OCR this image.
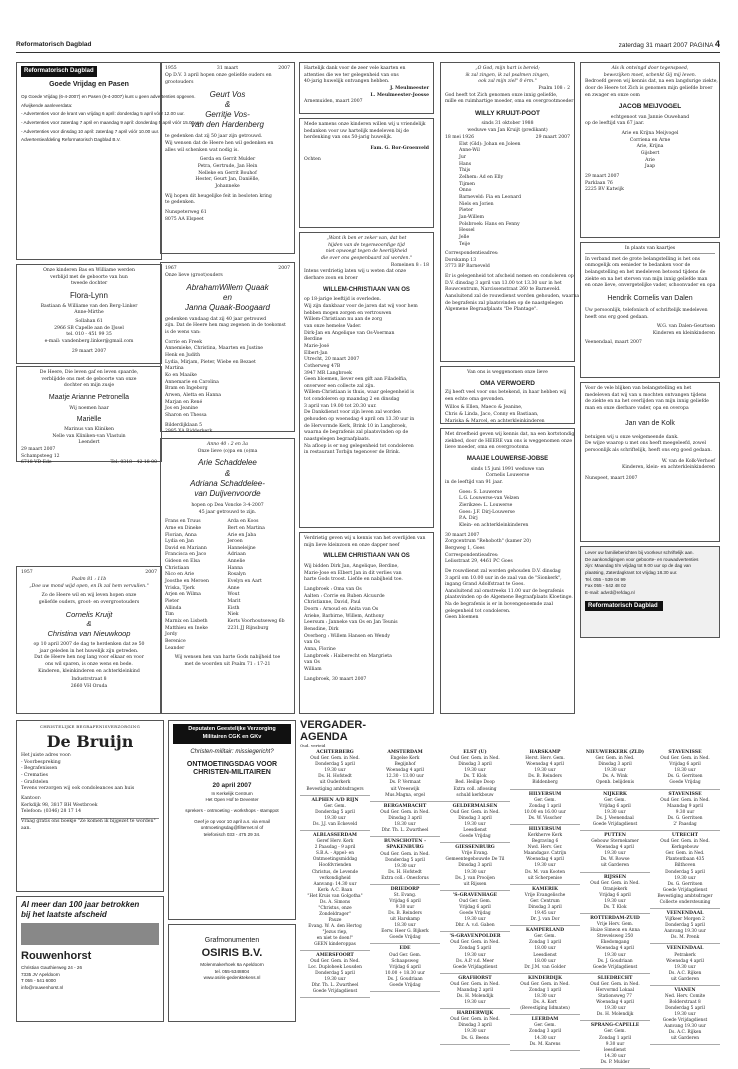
Reformatorisch Dagblad	zaterdag 31 maart 2007 PAGINA 4
Reformatorisch Dagblad
Goede Vrijdag en Pasen
Op Goede Vrijdag (6-4-2007) en Pasen (8-4-2007) kunt u geen advertenties opgeven.
Afwijkende aanleverdata:
- Advertenties voor de krant van vrijdag 6 april: donderdag 5 april vóór 12.00 uur.
- Advertenties voor zaterdag 7 april en maandag 9 april: donderdag 5 april vóór 15.00 uur.
- Advertenties voor dinsdag 10 april: zaterdag 7 april vóór 10.00 uur.
Advertentieafdeling Reformatorisch Dagblad B.V.
Onze kinderen Bas en Williame werden
verblijd met de geboorte van hun
tweede dochter
Flora-Lynn
Bastiaan & Williame van den Berg-Linker
Anne-Mirthe
Sollahan 61
2966 SB Capelle aan de IJssel
tel. 010 - 451 99 35
e-mail: vandenberg.linker@gmail.com
29 maart 2007
De Heere, Die leven gaf en leven spaarde,
verblijdde ons met de geboorte van onze
dochter en mijn zusje
Maatje Arianne Petronella
Wij noemen haar
Mariëlle
Marinus van Kliniken
Nelle van Kliniken-van Vlastuin
Leendert
29 maart 2007
Schampsteeg 12
6718 VD Ede	Tel: 0318 - 42 18 00
1957	2007
Psalm 81 : 11b
„Doe uw mond wijd open, en Ik zal hem vervullen."
Zo de Heere wil en wij leven hopen onze
geliefde ouders, groot- en overgrootouders
Cornelis Kruijt
&
Christina van Nieuwkoop
op 10 april 2007 de dag te herdenken dat ze 50
jaar geleden in het huwelijk zijn getreden.
Dat de Heere hen nog lang voor elkaar en voor
ons wil sparen, is onze wens en bede.
Kinderen, kleinkinderen en achterkleinkind
Industrstraat 8
2660 VH Oruda
1955	31 maart	2007
Op D.V. 3 april hopen onze geliefde ouders en
grootouders
Geurt Vos
&
Gerritje Vos-
van den Hardenberg
te gedenken dat zij 50 jaar zijn getrouwd.
Wij wensen dat de Heere hen wil gedenken en
alles wil schenken wat nodig is.
Gerda en Gerrit Mulder
Petra, Gertrude, Jan Hein
Nelleke en Gerrit Bouhof
Hester, Geurt Jan, Daniëlle,
Johanneke
Wij hopen dit heugelijke feit in besloten kring
te gedenken.
Nunspeterweg 61
8075 AA Elspeet
1967	2007
Onze lieve (groot)ouders
AbrahamWillem Quaak
en
Janna Quaak-Boogaard
gedenken vandaag dat zij 40 jaar getrouwd
zijn. Dat de Heere hen mag zegenen in de toekomst
is de wens van:
Corrie en Freek
Annemieke, Christina, Maarten en Justine
Henk en Judith
Lydia, Mirjam, Pieter, Wiebe en Bezaet
Martina
Ko en Maaike
Annemarie en Carolina
Bram en Ingeborg
Arwen, Aletta en Hanna
Marjan en René
Jos en Jeanine
Sharon en Thessa
Bilderdijklaan 5
2985 XA Ridderkerk
Anno 40 : 2 en 3a
Onze lieve (o)pa en (o)ma
Arie Schaddelee
&
Adriana Schaddelee-
van Duijvenvoorde
hopen op Dea Voncke 3-4-2007
45 jaar getrouwd te zijn.
Frans en Truus
Arne en Dineke
Florian, Anna
Lydia en Jan
David en Mariann
Francisca en Jaco
Gideon en Elsa
Christiaan
Nico en Arie
Joosthe en Meroen
Yriska, Tjerk
Arjen en Wilma
Pieter
Allinda
Tim
Marnix en Lisbeth
Matthieu en Ineke
Jordy
Berenice
Leander
Arda en Koos
Bert en Martina
Arie en Jaba
Jeroen
Hanneleijne
Adriaan
Annelie
Hanna
Rosalyn
Evelyn en Aart
Anne
Wout
Marit
Eisth
Niek
Kerts Voorhoutseweg 6b
2231.JJ Rijnsburg
Wij wensen hen van harte Gods nabijheid toe
met de woorden uit Psalm 71 : 17-21
Hartelijk dank voor de zeer vele kaarten en
attenties die we ter gelegenheid van ons
40-jarig huwelijk ontvangen hebben.
J. Meulmeester
L. Meulmeester-Joosse
Arnemuiden, maart 2007
Mede namens onze kinderen willen wij u vriendelijk
bedanken voor uw hartelijk medeleven bij de
herdenking van ons 50-jarig huwelijk.
Fam. G. Bor-Groenveld
Ochten
„Want ik ben er zeker van, dat het
hijden van de tegenwoordige tijd
niet opwoegt tegen de heerlijkheid
die over ons geopenbaard zal worden."
Romeinen 8 : 18
Intens verdrietig laten wij u weten dat onze
dierbare zoon en broer
WILLEM-CHRISTIAAN VAN OS
op 18-jarige leeftijd is overleden.
Wij zijn dankbaar voor de jaren dat wij voor hem
hebben mogen zorgen en vertrouwen
Willem-Christiaan nu aan de zorg
van onze hemelse Vader.
Dirk-Jan en Angelique van Os-Voerman
Berdine
Marie-José
Elbert-Jan
Utrecht, 20 maart 2007
Cotherweg 47B
3947 MR Langbroek
Geen bloemen, liever een gift aan Filadelfia,
onverwer een collecte zal zijn.
Willem-Christiaan is thuis, waar gelegenheid is
tot condoleren op maandag 2 en dinsdag
3 april van 19.00 tot 20.30 uur.
De Dankdienst voor zijn leven zal worden
gehouden op woensdag 4 april om 13.30 uur in
de Hervormde Kerk, Brink 10 in Langbroek,
waarna de begrafenis zal plaatsvinden op de
naastgelegen begraafplaats.
Na afloop is er nog gelegenheid tot condoleren
in restaurant Torbijn tegenover de Brink.
Verdrietig geven wij u kennis van het overlijden van
mijn lieve kleinzoon en onze dapper neef
WILLEM CHRISTIAAN VAN OS
Wij bidden Dirk Jan, Angelique, Berdine,
Marie-Jose en Elbert Jan in dit verlies van
harte Gods troost. Liefde en nabijheid toe.
Langbroek : Oma van Os
Aalten : Corrie en Ruben Alcuurde
Christianne, David, Paul
Doorn : Arnoud en Anita van Os
Arieke, Barbirne, Willem, Anthony
Leersum : Janneke van Os en Jan Teunis
Bensdine, Dirk
Overberg : Willem Hansen en Wendy
van Os
Anna, Florine
Langbroek : Haiberecht en Margrieta
van Os
William
Langbroek, 30 maart 2007
„O God, mijn hart is bereid;
ik zal zingen, ik zal psalmen zingen,
ook zal mijn ziel" 0 érm."
Psalm 108 : 2
God heeft tot Zich genomen onze innig geliefde,
mille en ruimhartige moeder, oma en overgrootmoeder
WILLY KRUIJT-POOT
sinds 31 oktober 1988
weduwe van Jan Kruijt (predikant)
18 mei 1926	29 maart 2007
Elst (Gld): Johan en Joleen
Anne-Wil
Jur
Hans
Thijs
Zelhem: Ad en Elly
Tijmen
Onno
Barneveld: Fia en Leonard
Niels en Jorien
Pieter
Jan-Willem
Polsbroek: Hans en Fenny
Hessel
Jelle
Teije
Correspondentieadres:
Dorskamp 13
3773 BP Barneveld
Er is gelegenheid tot afscheid nemen en condoleren op
D.V. dinsdag 3 april van 13.00 tot 13.30 uur in het
Rouwcentrum, Narcissenstraat 260 te Barneveld.
Aansluitend zal de rouwdienst worden gehouden, waarna
de begrafenis zal plaatsvinden op de naastgelegen
Algemene Begraafplaats "De Plantage".
Van ons is weggenomen onze lieve
OMA VERWOERD
Zij heeft veel voor ons betekend, in haar hebben wij
een echte oma gevonden.
Willos & Ellen, Maeco & Jeanine,
Chris & Linda, Jaco, Conny en Bastiaan,
Mariska & Marcel, en achterkleinkinderen
Met droefheid geven wij kennis dat, na een kortstondig
ziekbed, door de HEERE van ons is weggenomen onze
lieve moeder, oma en overgrootoma
MAAIJE LOUWERSE-JOBSE
sinds 15 juni 1991 weduwe van
Cornelis Louwerse
in de leeftijd van 91 jaar.
Goes: S. Louwerse
L.G. Louwerse-van Velzen
Zierikzee: L. Louwerse
Goes: J.F. Dirj-Louwerse
P.A. Dirj
Klein- en achterkleinkinderen
30 maart 2007
Zorgcentrum "Rehoboth" (kamer 20)
Bergweg 1, Goes
Correspondentieadres:
Lelisstraat 29, 4461 PC Goes
De rouwdienst zal worden gehouden D.V. dinsdag
3 april om 10.00 uur in de zaal van de "Sionkerk",
ingang Grand Adolfstraat te Goes.
Aansluitend zal omstreeks 11.00 uur de begrafenis
plaatsvinden op de Algemene Begraafplaats Kloetinge.
Na de begrafenis is er in bovengenoemde zaal
gelegenheid tot condoleren.
Geen bloemen
Als ik ontvingd door tegenspoed,
bewezijken moet, schenkt Gij mij leven.
Bedroefd geven wij kennis dat, na een langdurige ziekte,
door de Heere tot Zich is genomen mijn geliefde broer
en zwager en onze oom
JACOB MEIJVOGEL
echtgenoot van Jannie Ouwehand
op de leeftijd van 67 jaar.
Arie en Krijna Meijvogel
Corriena en Arne
Arie, Krijna
Gijsbert
Arie
Jaap
29 maart 2007
Parklaan 76
2225 BV Katwijk
In plaats van kaartjes
In verband met de grote belangstelling is het ons
onmogelijk om eenieder te bedanken voor de
belangstelling en het medeleven betoond tijdens de
ziekte en na het sterven van mijn innig geliefde man
en onze lieve, onvergetelijke vader, schoonvader en opa
Hendrik Cornelis van Dalen
Uw persoonlijk, telefonisch of schriftelijk medeleven
heeft ons erg goed gedaan.
W.G. van Dalen-Geurtsen
Kinderen en kleinkinderen
Veenendaal, maart 2007
Voor de vele blijken van belangstelling en het
medeleven dat wij van u mochten ontvangen tijdens
de ziekte en na het overlijden van mijn innig geliefde
man en onze dierbare vader, opa en overopa
Jan van de Kolk
betuigen wij u onze welgemeende dank.
De wijze waarop u met ons heeft meegeleefd, zowel
persoonlijk als schriftelijk, heeft ons erg goed gedaan.
W. van de Kolk-Verhoef
Kinderen, klein- en achterkleinkinderen
Nunspeet, maart 2007
Lever uw familieberichten bij voorkeur schriftelijk aan.
De aankondigingen voor geboorte- en rouwadvertenties
zijn: Maandag t/m vrijdag tot 9.00 uur op de dag van
plaatsing, Zaterdagkrant tot vrijdag 18.30 uur.
Tel. 055 - 539 04 99
Fax 055 - 542 48 02
E-mail: advrd@refdag.nl
Reformatorisch Dagblad
CHRISTELIJKE BEGRAFENISVERZORGING
De Bruijn
Het juiste adres voor:
- Voorbespreking
- Begrafenissen
- Crematies
- Grafstelen
Tevens verzorgen wij ook condoleances aan huis
Kantoor:
Kerkdijk 98, 3817 BH Westbroek
Telefoon: (0346) 28 17 14
Vraag gratis ons boekje "Ze komen ik bijgezet te worden" aan.
Al meer dan 100 jaar betrokken
bij het laatste afscheid
Rouwenhorst
Christian Gauthierweg 24 - 26
7335 JV Apeldoorn
T 055 - 541 6000
info@rouwenhorst.nl
Deputaten Geestelijke Verzorging
Militairen CGK en GKv
Christen-militair: missiegericht?
ONTMOETINGSDAG VOOR
CHRISTEN-MILITAIREN
20 april 2007
In Kerkelijk Centrum
Het Open Hof te Deventer
sprekers - ontmoeting - workshops - stamppot
Geef je op voor 10 april a.s. via email
ontmoetingsdag@filternet.nl of
telefonisch 033 - 475 29 34.
Grafmonumenten
OSIRIS B.V.
Molenmakerhoek 6a Apeldoorn
tel. 055-5348804
www.osiris-gedenktekens.nl
VERGADER-
AGENDA
Oud. verteid
ACHTERBERG
Oud Ger. Gem. in Ned.
Donderdag 5 april
19.30 uur
Ds. H. Hofstedt
uit Ouderkerk
Bevestiging ambtsdragers
ALPHEN A/D RIJN
Ger. Gem.
Donderdag 5 april
19.30 uur
Ds. J.J. van Eckeveld
ALBLASSERDAM
Geref Herv. Kerk
2 Paasdag - 9 april
S.B.A. - Appel- en
Ontmoetingsmiddag
Hoofdvrienden
Christus, de Levende
verkondigheid
Aanvang: 14.30 uur
Kerk: A.C. Baan
"Het Kruis van Golgotha"
Ds. A. Simons
"Christus, onze
Zondeldrager"
Pauze
Evang. W. A. den Hertog
"Jezus riep,
en niet te doen!"
GEEN kinderoppas
AMERSFOORT
Oud Ger. Gem. in Ned.
Loc. Duploheek Leusden
Donderdag 5 april
19.30 uur
Dhr. Th. L. Zwartheel
Goede Vrijdagdienst
AMSTERDAM
Engelse Kerk
Begijnhof
Woensdag 4 april
12.30 - 13.00 uur
Ds. P. Vermaat
uit Vreeswijk
Mus.Magna, orgel
BERGAMBACHT
Oud Ger. Gem. in Ned.
Dinsdag 3 april
18.30 uur
Dhr. Th. L. Zwartheel
BUNSCHOTEN - SPAKENBURG
Oud Ger. Gem. in Ned.
Donderdag 5 april
19.30 uur
Ds. H. Hofstedt
Extra coll.: Onesforus
DRIEDORP
St. Evang.
Vrijdag 6 april
9.30 uur
Ds. B. Reinders
uit Harskamp
18.30 uur
Eerw. Heer G. Bijkerk
Goede Vrijdag
EDE
Oud Ger. Gem.
Schaapsweg
Vrijdag 6 april
10.00 + 18.30 uur
Ds. J. Goudriaan
Goede Vrijdag
ELST (U)
Oud Ger. Gem. in Ned.
Dinsdag 3 april
19.30 uur
Ds. T. Klok
Bed. Heilige Doop
Extra coll. aflossing
schuld kerkbouw
GELDERMALSEN
Oud Ger. Gem. in Ned.
Dinsdag 3 april
19.30 uur
Leesdienst
Goede Vrijdag
GIESSENBURG
Vrije Evang.
Gemeentegebouwde De Til
Dinsdag 3 april
19.30 uur
Ds. J. van Prooijen
uit Rijssen
'S-GRAVENHAGE
Oud Ger. Gem.
Vrijdag 6 april
Goede Vrijdag
19.30 uur
Dhr. A. v.d. Gaben
'S-GRAVENPOLDER
Oud Ger. Gem. in Ned.
Zondag 5 april
19.30 uur
Ds. A.P. v.d. Meer
Goede Vrijdagdienst
GRAFHORST
Oud Ger. Gem. in Ned.
Maandag 2 april
Ds. H. Molendijk
19.30 uur
HARDERWIJK
Oud Ger. Gem. in Ned.
Dinsdag 3 april
19.30 uur
Ds. G. Beens
HARSKAMP
Herst. Herv. Gem.
Woensdag 4 april
19.30 uur
Ds. B. Reinders
Biddenberg
HILVERSUM
Ger. Gem.
Zondag 1 april
10.00 en 16.00 uur
Ds. W. Visscher
HILVERSUM
Kerkherve Kerk
Begraving 6
Nwd. Herv. Ger.
Maandagav. Catrijn
Woensdag 4 april
19.30 uur
Ds. M. van Kooten
uit Scherpenise
KAMERIK
Vrije Evangelische
Ger. Centrum
Dinsdag 3 april
19.45 uur
Dr. J. van Dor
KAMPERLAND
Ger. Gem.
Zondag 1 april
18.00 uur
Leesdienst
18.00 uur
Dr. J.M. van Golder
KINDERDIJK
Oud Ger. Gem. in Ned.
Zondag 1 april
18.30 uur
Ds. A. Kort
(Bevestiging lidmaten)
LEERDAM
Ger. Gem.
Zondag 3 april
14.30 uur
Ds. M. Karens
NIEUWERKERK (ZLD)
Ger. Gem. in Ned.
Dinsdag 3 april
19.30 uur
Ds. A. Wink
Openb. belijdenis
NIJKERK
Ger. Gem.
Vrijdag 6 april
19.30 uur
Ds. J. Veenendaal
Goede Vrijdagdienst
PUTTEN
Gebouw Sternekamer
Woensdag 4 april
19.30 uur
Ds. W. Rowse
uit Garderen
RIJSSEN
Oud Ger. Gem. in Ned.
Oranjekerk
Vrijdag 6 april
19.30 uur
Ds. T. Klok
ROTTERDAM-ZUID
Vrije Herv. Gem.
Huize Simeon en Anna
Strevelsweg 250
Ekedomgang
Woensdag 4 april
19.30 uur
Ds. J. Goudriaan
Goede Vrijdagdienst
SLIEDRECHT
Oud Ger. Gem. in Ned.
Hervormd Lokaal
Stationsweg 77
Woensdag 4 april
19.30 uur
Ds. H. Molendijk
SPRANG-CAPELLE
Ger. Gem.
Zondag 1 april
9.30 uur
leesdienst
14.30 uur
Ds. P. Mulder
STAVENISSE
Oud Ger. Gem. in Ned.
Vrijdag 6 april
18.30 uur
Ds. G. Gerritsen
Goede Vrijdag
STAVENISSE
Oud Ger. Gem. in Ned.
Maandag 9 april
9.30 uur
Ds. G. Gerritsen
2' Paasdag
UTRECHT
Oud Ger. Gem. in Ned.
Kerkgebouw
Ger. Gem. in Ned.
Plantentbaan 435
Bilthoven
Donderdag 5 april
19.30 uur
Ds. G. Gerritsen
Goede Vrijdagdienst
Bevestiging ambtsdrager
Collecte ondersteuning
VEENENDAAL
Vijfkeer Morgen 2
Donderdag 5 april
Aanvang 19.30 uur
Ds. M. Prenk
VEENENDAAL
Petrakerk
Woensdag 4 april
19.30 uur
Ds. A.C. Rijken
uit Garderen
VIANEN
Ned. Herv. Comite
Bolderstraat 8
Donderdag 5 april
19.30 uur
Goede Vrijdagdienst
Aanvang 19.30 uur
Ds. A.C. Rijken
uit Garderen
